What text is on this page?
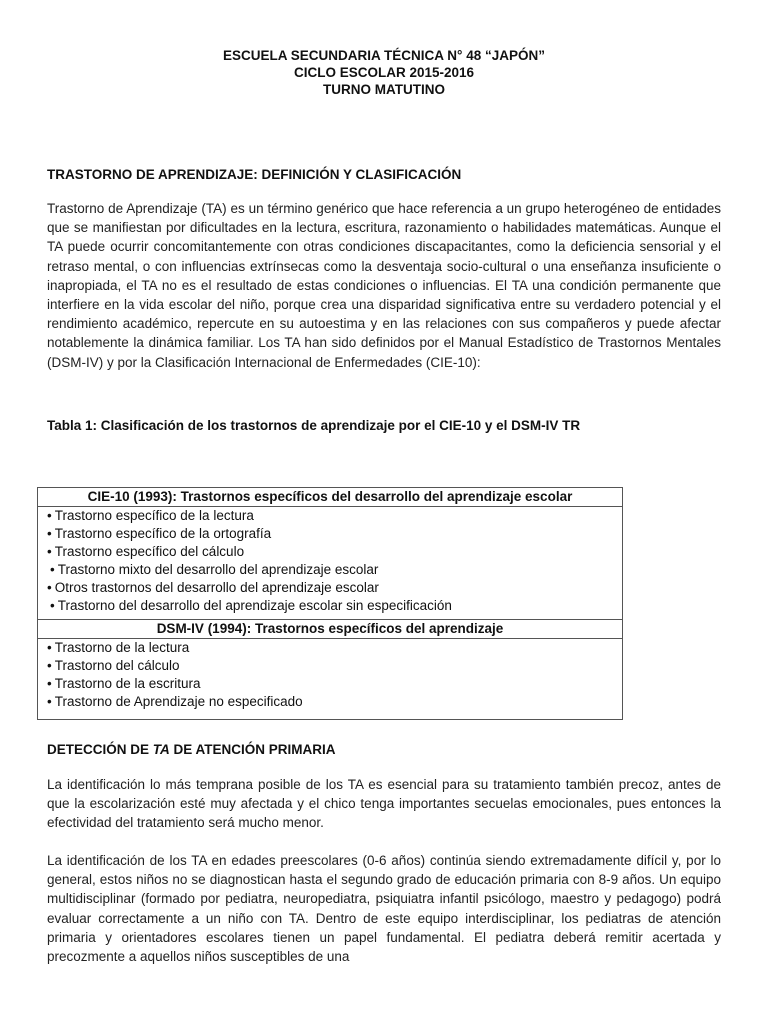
ESCUELA SECUNDARIA TÉCNICA N° 48 “JAPÓN”
CICLO ESCOLAR 2015-2016
TURNO MATUTINO
TRASTORNO DE APRENDIZAJE: DEFINICIÓN Y CLASIFICACIÓN
Trastorno de Aprendizaje (TA) es un término genérico que hace referencia a un grupo heterogéneo de entidades que se manifiestan por dificultades en la lectura, escritura, razonamiento o habilidades matemáticas. Aunque el TA puede ocurrir concomitantemente con otras condiciones discapacitantes, como la deficiencia sensorial y el retraso mental, o con influencias extrínsecas como la desventaja socio-cultural o una enseñanza insuficiente o inapropiada, el TA no es el resultado de estas condiciones o influencias. El TA una condición permanente que interfiere en la vida escolar del niño, porque crea una disparidad significativa entre su verdadero potencial y el rendimiento académico, repercute en su autoestima y en las relaciones con sus compañeros y puede afectar notablemente la dinámica familiar. Los TA han sido definidos por el Manual Estadístico de Trastornos Mentales (DSM-IV) y por la Clasificación Internacional de Enfermedades (CIE-10):
Tabla 1: Clasificación de los trastornos de aprendizaje por el CIE-10 y el DSM-IV TR
CIE-10 (1993): Trastornos específicos del desarrollo del aprendizaje escolar
• Trastorno específico de la lectura
• Trastorno específico de la ortografía
• Trastorno específico del cálculo
• Trastorno mixto del desarrollo del aprendizaje escolar
• Otros trastornos del desarrollo del aprendizaje escolar
• Trastorno del desarrollo del aprendizaje escolar sin especificación
DSM-IV (1994): Trastornos específicos del aprendizaje
• Trastorno de la lectura
• Trastorno del cálculo
• Trastorno de la escritura
• Trastorno de Aprendizaje no especificado
DETECCIÓN DE TA DE ATENCIÓN PRIMARIA
La identificación lo más temprana posible de los TA es esencial para su tratamiento también precoz, antes de que la escolarización esté muy afectada y el chico tenga importantes secuelas emocionales, pues entonces la efectividad del tratamiento será mucho menor.
La identificación de los TA en edades preescolares (0-6 años) continúa siendo extremadamente difícil y, por lo general, estos niños no se diagnostican hasta el segundo grado de educación primaria con 8-9 años. Un equipo multidisciplinar (formado por pediatra, neuropediatra, psiquiatra infantil psicólogo, maestro y pedagogo) podrá evaluar correctamente a un niño con TA. Dentro de este equipo interdisciplinar, los pediatras de atención primaria y orientadores escolares tienen un papel fundamental. El pediatra deberá remitir acertada y precozmente a aquellos niños susceptibles de una
